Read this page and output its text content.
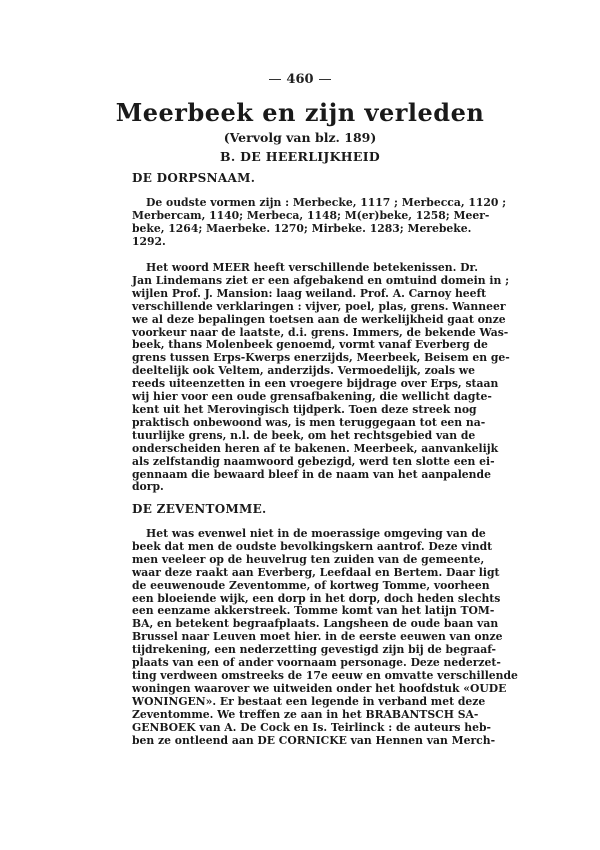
460
Meerbeek en zijn verleden
(Vervolg van blz. 189)
B. DE HEERLIJKHEID
DE DORPSNAAM.
De oudste vormen zijn : Merbecke, 1117 ; Merbecca, 1120 ;
Merbercam, 1140; Merbeca, 1148; M(er)beke, 1258; Meer-
beke, 1264; Maerbeke. 1270; Mirbeke. 1283; Merebeke.
1292.
Het woord MEER heeft verschillende betekenissen. Dr.
Jan Lindemans ziet er een afgebakend en omtuind domein in ;
wijlen Prof. J. Mansion: laag weiland. Prof. A. Carnoy heeft
verschillende verklaringen : vijver, poel, plas, grens. Wanneer
we al deze bepalingen toetsen aan de werkelijkheid gaat onze
voorkeur naar de laatste, d.i. grens. Immers, de bekende Was-
beek, thans Molenbeek genoemd, vormt vanaf Everberg de
grens tussen Erps-Kwerps enerzijds, Meerbeek, Beisem en ge-
deeltelijk ook Veltem, anderzijds. Vermoedelijk, zoals we
reeds uiteenzetten in een vroegere bijdrage over Erps, staan
wij hier voor een oude grensafbakening, die wellicht dagte-
kent uit het Merovingisch tijdperk. Toen deze streek nog
praktisch onbewoond was, is men teruggegaan tot een na-
tuurlijke grens, n.l. de beek, om het rechtsgebied van de
onderscheiden heren af te bakenen. Meerbeek, aanvankelijk
als zelfstandig naamwoord gebezigd, werd ten slotte een ei-
gennaam die bewaard bleef in de naam van het aanpalende
dorp.
DE ZEVENTOMME.
Het was evenwel niet in de moerassige omgeving van de
beek dat men de oudste bevolkingskern aantrof. Deze vindt
men veeleer op de heuvelrug ten zuiden van de gemeente,
waar deze raakt aan Everberg, Leefdaal en Bertem. Daar ligt
de eeuwenoude Zeventomme, of kortweg Tomme, voorheen
een bloeiende wijk, een dorp in het dorp, doch heden slechts
een eenzame akkerstreek. Tomme komt van het latijn TOM-
BA, en betekent begraafplaats. Langsheen de oude baan van
Brussel naar Leuven moet hier. in de eerste eeuwen van onze
tijdrekening, een nederzetting gevestigd zijn bij de begraaf-
plaats van een of ander voornaam personage. Deze nederzet-
ting verdween omstreeks de 17e eeuw en omvatte verschillende
woningen waarover we uitweiden onder het hoofdstuk «OUDE
WONINGEN». Er bestaat een legende in verband met deze
Zeventomme. We treffen ze aan in het BRABANTSCH SA-
GENBOEK van A. De Cock en Is. Teirlinck : de auteurs heb-
ben ze ontleend aan DE CORNICKE van Hennen van Merch-
